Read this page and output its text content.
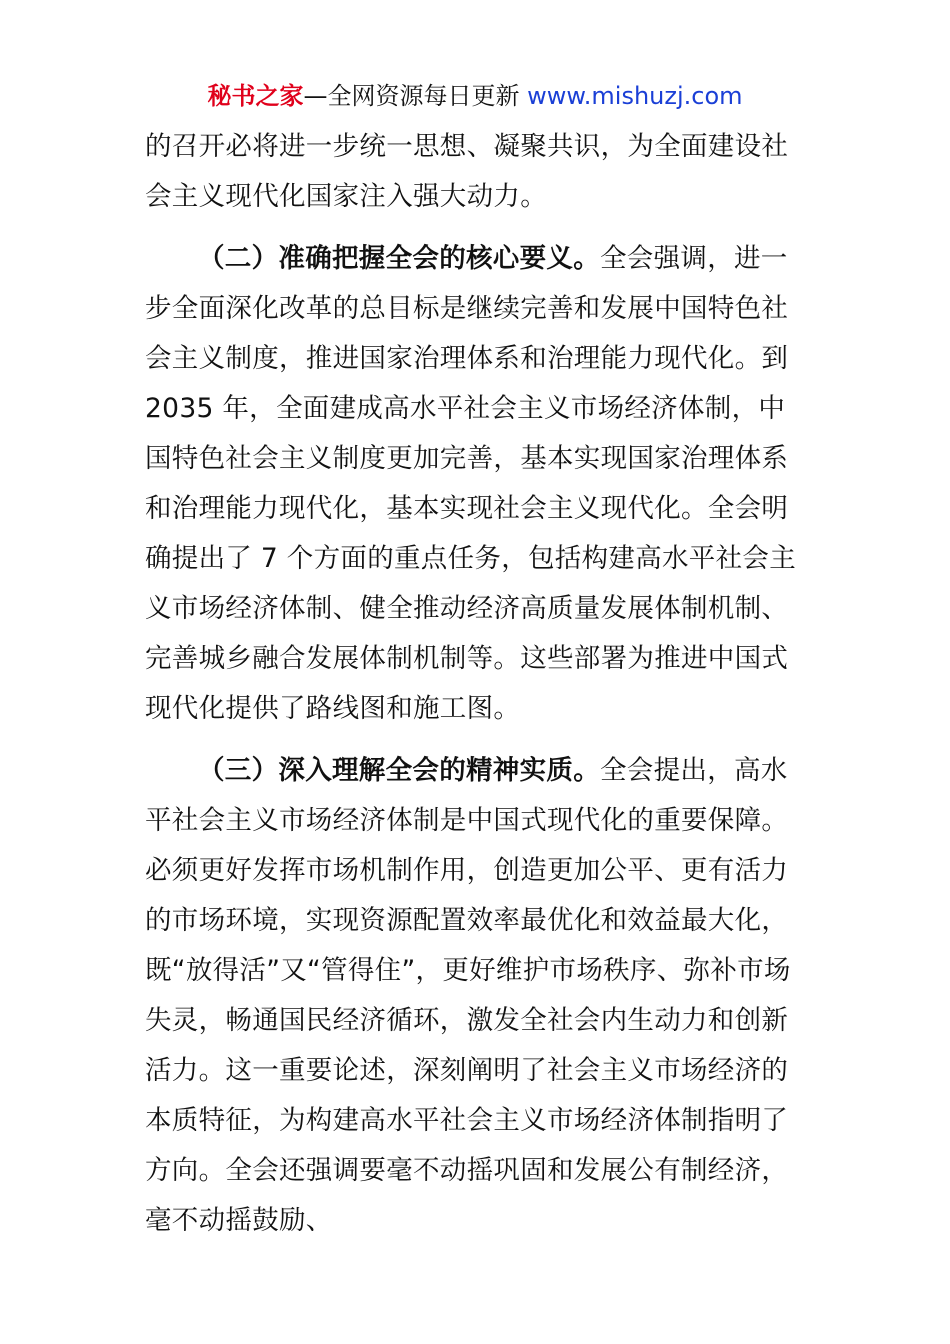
秘书之家—全网资源每日更新 www.mishuzj.com

的召开必将进一步统一思想、凝聚共识，为全面建设社会主义现代化国家注入强大动力。

（二）准确把握全会的核心要义。全会强调，进一步全面深化改革的总目标是继续完善和发展中国特色社会主义制度，推进国家治理体系和治理能力现代化。到 2035 年，全面建成高水平社会主义市场经济体制，中国特色社会主义制度更加完善，基本实现国家治理体系和治理能力现代化，基本实现社会主义现代化。全会明确提出了 7 个方面的重点任务，包括构建高水平社会主义市场经济体制、健全推动经济高质量发展体制机制、完善城乡融合发展体制机制等。这些部署为推进中国式现代化提供了路线图和施工图。

（三）深入理解全会的精神实质。全会提出，高水平社会主义市场经济体制是中国式现代化的重要保障。必须更好发挥市场机制作用，创造更加公平、更有活力的市场环境，实现资源配置效率最优化和效益最大化，既“放得活”又“管得住”，更好维护市场秩序、弥补市场失灵，畅通国民经济循环，激发全社会内生动力和创新活力。这一重要论述，深刻阐明了社会主义市场经济的本质特征，为构建高水平社会主义市场经济体制指明了方向。全会还强调要毫不动摇巩固和发展公有制经济，毫不动摇鼓励、
